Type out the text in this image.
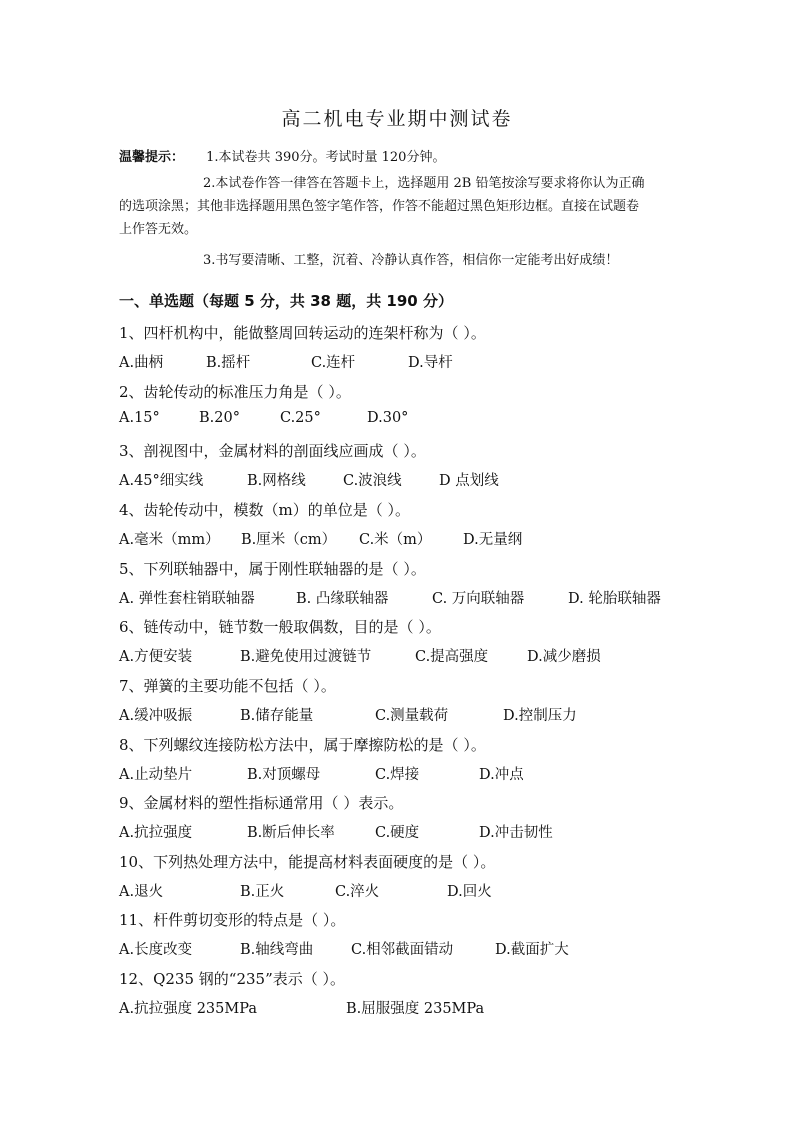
高二机电专业期中测试卷

温馨提示： 1.本试卷共 390分。考试时量 120分钟。

2.本试卷作答一律答在答题卡上，选择题用 2B 铅笔按涂写要求将你认为正确

的选项涂黑；其他非选择题用黑色签字笔作答，作答不能超过黑色矩形边框。直接在试题卷

上作答无效。

3.书写要清晰、工整，沉着、冷静认真作答，相信你一定能考出好成绩！

一、单选题（每题 5 分，共 38 题，共 190 分）
1、四杆机构中，能做整周回转运动的连架杆称为（ ）。
A.曲柄	B.摇杆	C.连杆	D.导杆
2、齿轮传动的标准压力角是（ ）。
A.15°	B.20°	C.25°	D.30°
3、剖视图中，金属材料的剖面线应画成（ ）。
A.45°细实线	B.网格线	C.波浪线	D 点划线
4、齿轮传动中，模数（m）的单位是（ ）。
A.毫米（mm） B.厘米（cm） C.米（m） D.无量纲
5、下列联轴器中，属于刚性联轴器的是（ ）。
A. 弹性套柱销联轴器	B. 凸缘联轴器	C. 万向联轴器	D. 轮胎联轴器
6、链传动中，链节数一般取偶数，目的是（ ）。
A.方便安装	B.避免使用过渡链节	C.提高强度	D.减少磨损
7、弹簧的主要功能不包括（ ）。
A.缓冲吸振	B.储存能量	C.测量载荷	D.控制压力
8、下列螺纹连接防松方法中，属于摩擦防松的是（ ）。
A.止动垫片	B.对顶螺母	C.焊接	D.冲点
9、金属材料的塑性指标通常用（ ）表示。
A.抗拉强度	B.断后伸长率	C.硬度	D.冲击韧性
10、下列热处理方法中，能提高材料表面硬度的是（ ）。
A.退火	B.正火	C.淬火	D.回火
11、杆件剪切变形的特点是（ ）。
A.长度改变	B.轴线弯曲	C.相邻截面错动	D.截面扩大
12、Q235 钢的“235”表示（ ）。
A.抗拉强度 235MPa	B.屈服强度 235MPa
